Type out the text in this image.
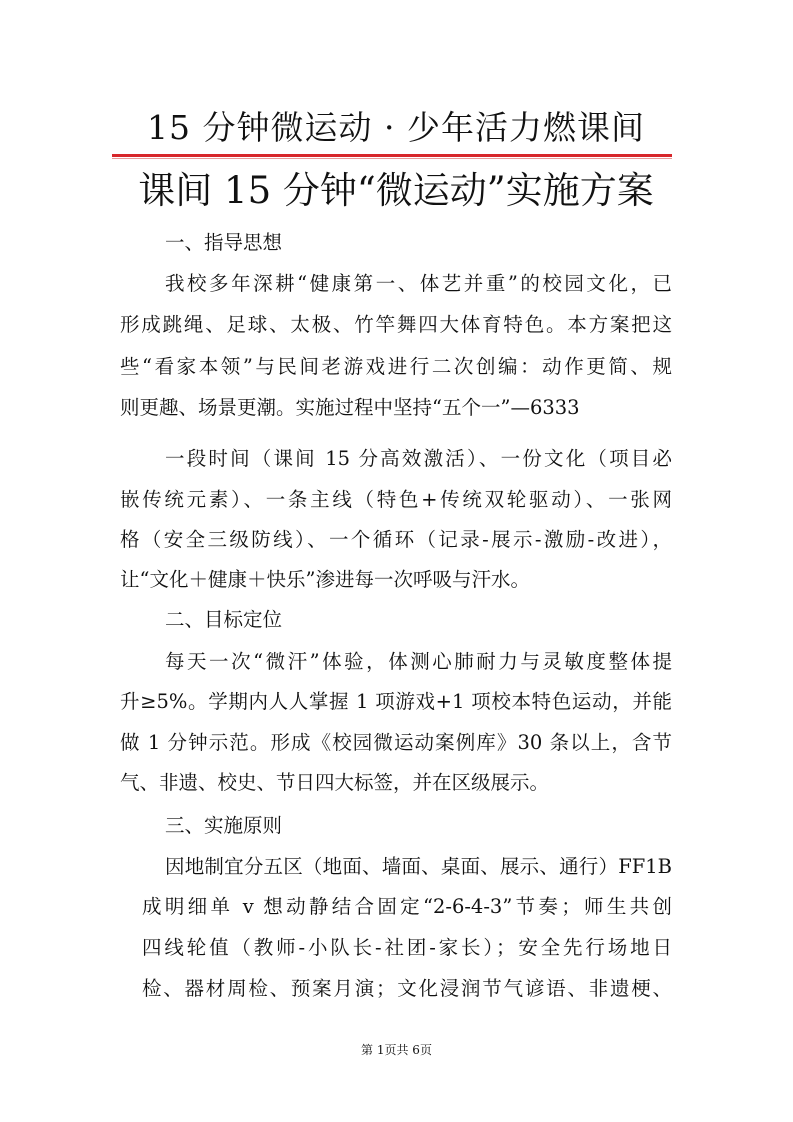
15 分钟微运动 · 少年活力燃课间
课间 15 分钟“微运动”实施方案
一、指导思想
我校多年深耕“健康第一、体艺并重”的校园文化，已
形成跳绳、足球、太极、竹竿舞四大体育特色。本方案把这
些“看家本领”与民间老游戏进行二次创编：动作更简、规
则更趣、场景更潮。实施过程中坚持“五个一”—6333
一段时间（课间 15 分高效激活）、一份文化（项目必
嵌传统元素）、一条主线（特色+传统双轮驱动）、一张网
格（安全三级防线）、一个循环（记录-展示-激励-改进），
让“文化＋健康＋快乐”渗进每一次呼吸与汗水。
二、目标定位
每天一次“微汗”体验，体测心肺耐力与灵敏度整体提
升≥5%。学期内人人掌握 1 项游戏+1 项校本特色运动，并能
做 1 分钟示范。形成《校园微运动案例库》30 条以上，含节
气、非遗、校史、节日四大标签，并在区级展示。
三、实施原则
因地制宜分五区（地面、墙面、桌面、展示、通行）FF1B
成明细单 v 想动静结合固定“2-6-4-3”节奏；师生共创
四线轮值（教师-小队长-社团-家长）；安全先行场地日
检、器材周检、预案月演；文化浸润节气谚语、非遗梗、
第 1页共 6页
